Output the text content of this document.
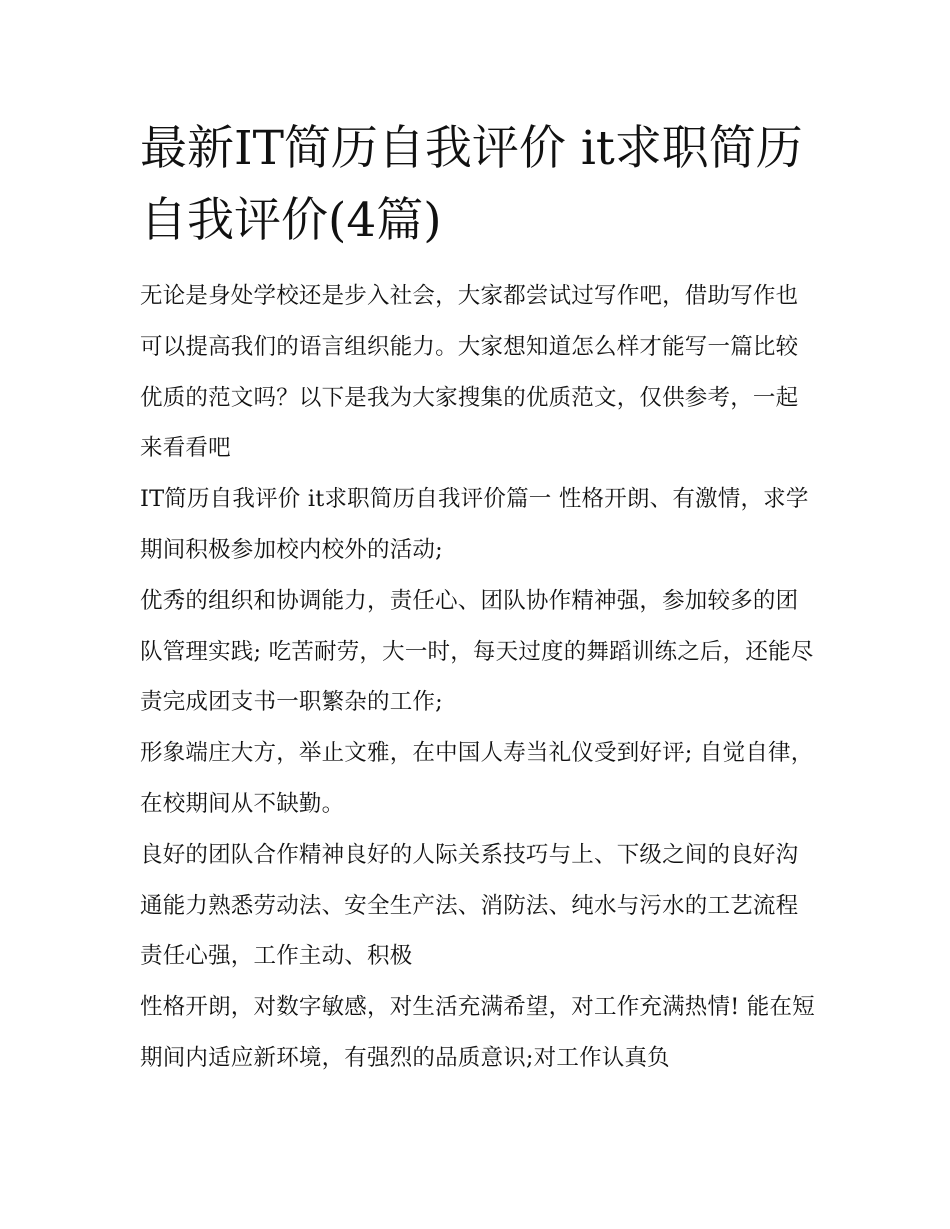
最新IT简历自我评价 it求职简历自我评价(4篇)

无论是身处学校还是步入社会，大家都尝试过写作吧，借助写作也可以提高我们的语言组织能力。大家想知道怎么样才能写一篇比较优质的范文吗？以下是我为大家搜集的优质范文，仅供参考，一起来看看吧

IT简历自我评价 it求职简历自我评价篇一 性格开朗、有激情，求学期间积极参加校内校外的活动;

优秀的组织和协调能力，责任心、团队协作精神强，参加较多的团队管理实践; 吃苦耐劳，大一时，每天过度的舞蹈训练之后，还能尽责完成团支书一职繁杂的工作;

形象端庄大方，举止文雅，在中国人寿当礼仪受到好评; 自觉自律，在校期间从不缺勤。

良好的团队合作精神良好的人际关系技巧与上、下级之间的良好沟通能力熟悉劳动法、安全生产法、消防法、纯水与污水的工艺流程责任心强，工作主动、积极

性格开朗，对数字敏感，对生活充满希望，对工作充满热情! 能在短期间内适应新环境，有强烈的品质意识;对工作认真负
